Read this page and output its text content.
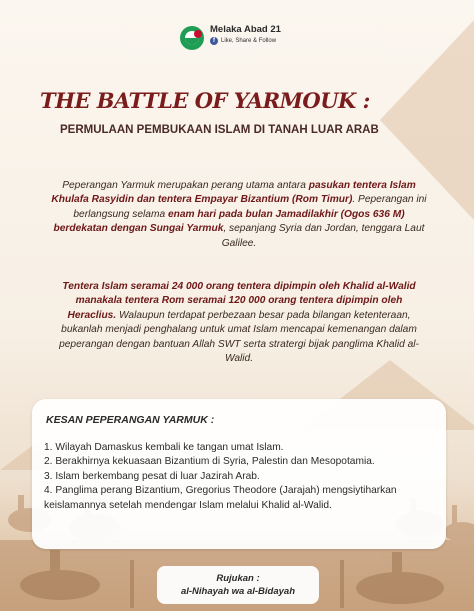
Melaka Abad 21
f	Like, Share & Follow
THE BATTLE OF YARMOUK :
PERMULAAN PEMBUKAAN ISLAM DI TANAH LUAR ARAB
Peperangan Yarmuk merupakan perang utama antara pasukan tentera Islam Khulafa Rasyidin dan tentera Empayar Bizantium (Rom Timur). Peperangan ini berlangsung selama enam hari pada bulan Jamadilakhir (Ogos 636 M) berdekatan dengan Sungai Yarmuk, sepanjang Syria dan Jordan, tenggara Laut Galilee.
Tentera Islam seramai 24 000 orang tentera dipimpin oleh Khalid al-Walid manakala tentera Rom seramai 120 000 orang tentera dipimpin oleh Heraclius. Walaupun terdapat perbezaan besar pada bilangan ketenteraan, bukanlah menjadi penghalang untuk umat Islam mencapai kemenangan dalam peperangan dengan bantuan Allah SWT serta stratergi bijak panglima Khalid al-Walid.
KESAN PEPERANGAN YARMUK :
1. Wilayah Damaskus kembali ke tangan umat Islam.
2. Berakhirnya kekuasaan Bizantium di Syria, Palestin dan Mesopotamia.
3. Islam berkembang pesat di luar Jazirah Arab.
4. Panglima perang Bizantium, Gregorius Theodore (Jarajah) mengsiytiharkan keislamannya setelah mendengar Islam melalui Khalid al-Walid.
Rujukan :
al-Nihayah wa al-Bidayah
